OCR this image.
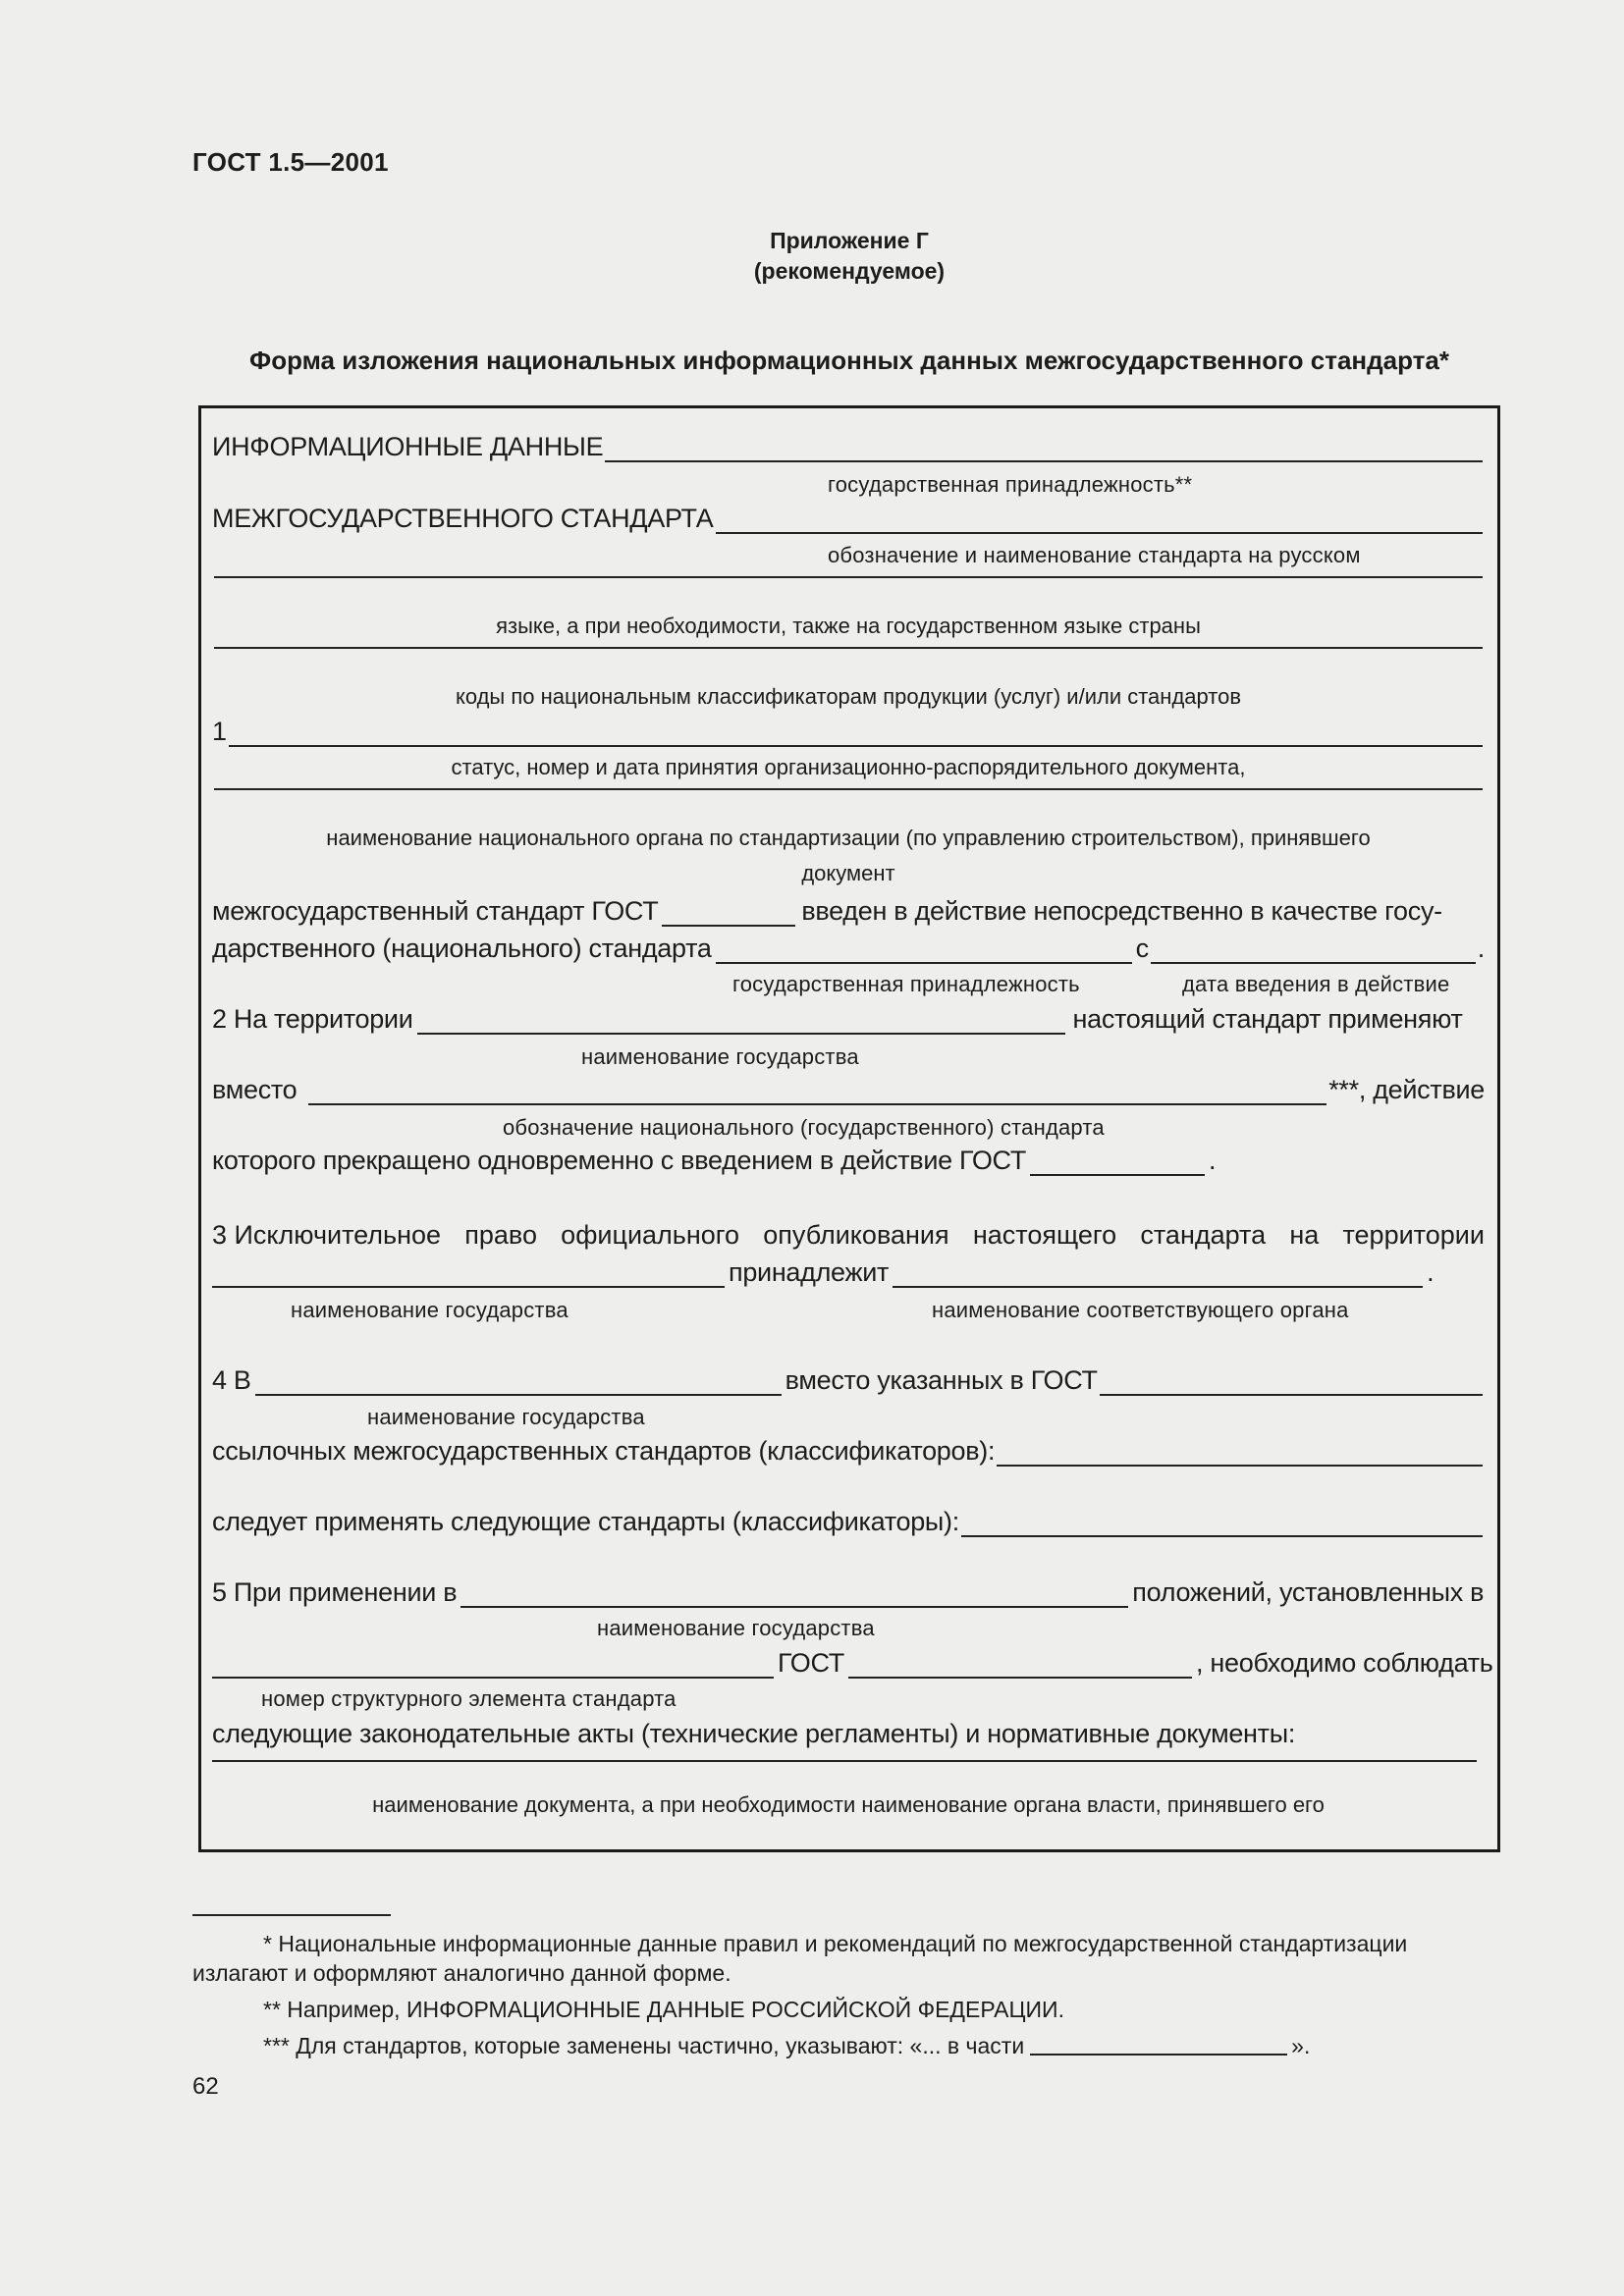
ГОСТ 1.5—2001
Приложение Г
(рекомендуемое)
Форма изложения национальных информационных данных межгосударственного стандарта*
ИНФОРМАЦИОННЫЕ ДАННЫЕ
государственная принадлежность**
МЕЖГОСУДАРСТВЕННОГО СТАНДАРТА
обозначение и наименование стандарта на русском
языке, а при необходимости, также на государственном языке страны
коды по национальным классификаторам продукции (услуг) и/или стандартов
1
статус, номер и дата принятия организационно-распорядительного документа,
наименование национального органа по стандартизации (по управлению строительством), принявшего
документ
межгосударственный стандарт ГОСТ	введен в действие непосредственно в качестве госу-
дарственного (национального) стандарта	с	.
государственная принадлежность	дата введения в действие
2 На территории	настоящий стандарт применяют
наименование государства
вместо	***, действие
обозначение национального (государственного) стандарта
которого прекращено одновременно с введением в действие ГОСТ	.
3 Исключительное право официального опубликования настоящего стандарта на территории
принадлежит	.
наименование государства	наименование соответствующего органа
4 В	вместо указанных в ГОСТ
наименование государства
ссылочных межгосударственных стандартов (классификаторов):
следует применять следующие стандарты (классификаторы):
5 При применении в	положений, установленных в
наименование государства
ГОСТ	, необходимо соблюдать
номер структурного элемента стандарта
следующие законодательные акты (технические регламенты) и нормативные документы:
наименование документа, а при необходимости наименование органа власти, принявшего его
* Национальные информационные данные правил и рекомендаций по межгосударственной стандартизации
излагают и оформляют аналогично данной форме.
** Например, ИНФОРМАЦИОННЫЕ ДАННЫЕ РОССИЙСКОЙ ФЕДЕРАЦИИ.
*** Для стандартов, которые заменены частично, указывают: «... в части	».
62
